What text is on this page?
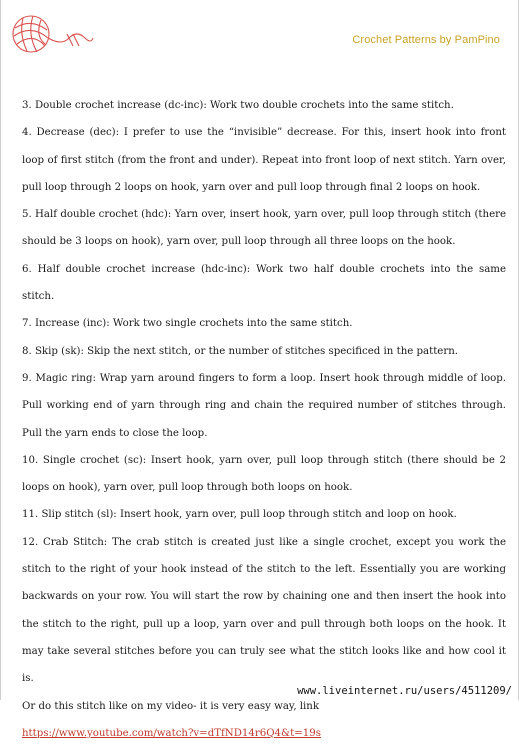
Crochet Patterns by PamPino

3. Double crochet increase (dc-inc): Work two double crochets into the same stitch.

4. Decrease (dec): I prefer to use the “invisible” decrease. For this, insert hook into front loop of first stitch (from the front and under). Repeat into front loop of next stitch. Yarn over, pull loop through 2 loops on hook, yarn over and pull loop through final 2 loops on hook.

5. Half double crochet (hdc): Yarn over, insert hook, yarn over, pull loop through stitch (there should be 3 loops on hook), yarn over, pull loop through all three loops on the hook.

6. Half double crochet increase (hdc-inc): Work two half double crochets into the same stitch.

7. Increase (inc): Work two single crochets into the same stitch.

8. Skip (sk): Skip the next stitch, or the number of stitches specificed in the pattern.

9. Magic ring: Wrap yarn around fingers to form a loop. Insert hook through middle of loop. Pull working end of yarn through ring and chain the required number of stitches through. Pull the yarn ends to close the loop.

10. Single crochet (sc): Insert hook, yarn over, pull loop through stitch (there should be 2 loops on hook), yarn over, pull loop through both loops on hook.

11. Slip stitch (sl): Insert hook, yarn over, pull loop through stitch and loop on hook.

12. Crab Stitch: The crab stitch is created just like a single crochet, except you work the stitch to the right of your hook instead of the stitch to the left. Essentially you are working backwards on your row. You will start the row by chaining one and then insert the hook into the stitch to the right, pull up a loop, yarn over and pull through both loops on the hook. It may take several stitches before you can truly see what the stitch looks like and how cool it is.

Or do this stitch like on my video- it is very easy way, link

https://www.youtube.com/watch?v=dTfND14r6Q4&t=19s

www.liveinternet.ru/users/4511209/
